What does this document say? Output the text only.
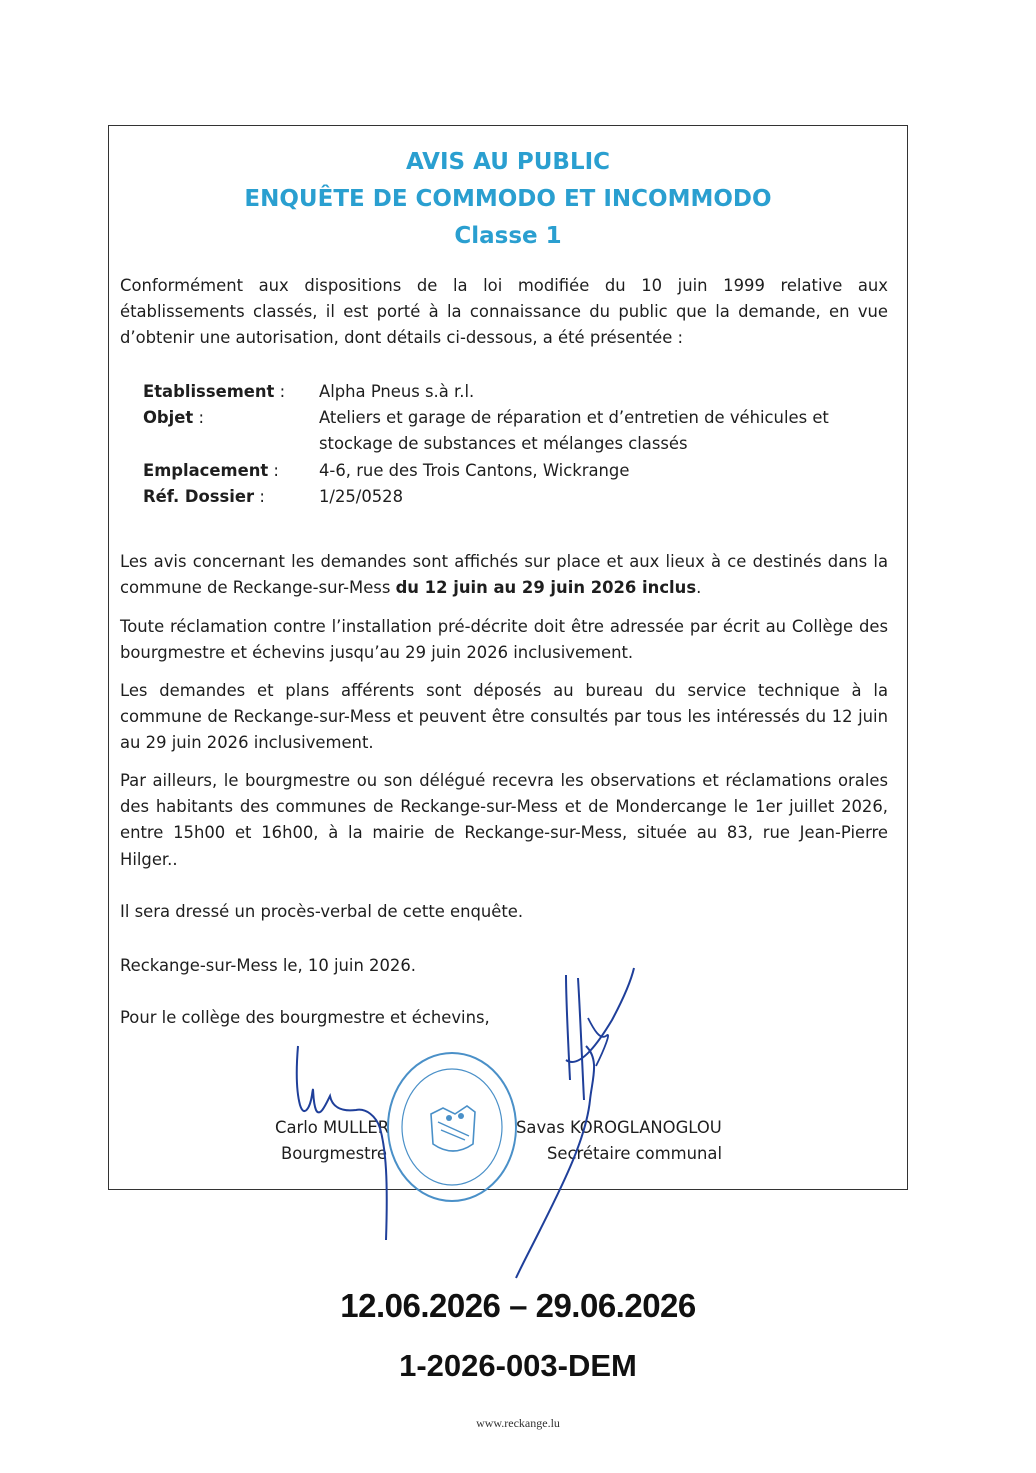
AVIS AU PUBLIC
ENQUÊTE DE COMMODO ET INCOMMODO
Classe 1
Conformément aux dispositions de la loi modifiée du 10 juin 1999 relative aux établissements classés, il est porté à la connaissance du public que la demande, en vue d’obtenir une autorisation, dont détails ci-dessous, a été présentée :
Etablissement :	Alpha Pneus s.à r.l.
Objet :	Ateliers et garage de réparation et d’entretien de véhicules et stockage de substances et mélanges classés
Emplacement :	4-6, rue des Trois Cantons, Wickrange
Réf. Dossier :	1/25/0528
Les avis concernant les demandes sont affichés sur place et aux lieux à ce destinés dans la commune de Reckange-sur-Mess du 12 juin au 29 juin 2026 inclus.
Toute réclamation contre l’installation pré-décrite doit être adressée par écrit au Collège des bourgmestre et échevins jusqu’au 29 juin 2026 inclusivement.
Les demandes et plans afférents sont déposés au bureau du service technique à la commune de Reckange-sur-Mess et peuvent être consultés par tous les intéressés du 12 juin au 29 juin 2026 inclusivement.
Par ailleurs, le bourgmestre ou son délégué recevra les observations et réclamations orales des habitants des communes de Reckange-sur-Mess et de Mondercange le 1er juillet 2026, entre 15h00 et 16h00, à la mairie de Reckange-sur-Mess, située au 83, rue Jean-Pierre Hilger..
Il sera dressé un procès-verbal de cette enquête.
Reckange-sur-Mess le, 10 juin 2026.
Pour le collège des bourgmestre et échevins,
Carlo MULLER
Bourgmestre
Savas KOROGLANOGLOU
Secrétaire communal
12.06.2026 – 29.06.2026
1-2026-003-DEM
www.reckange.lu
